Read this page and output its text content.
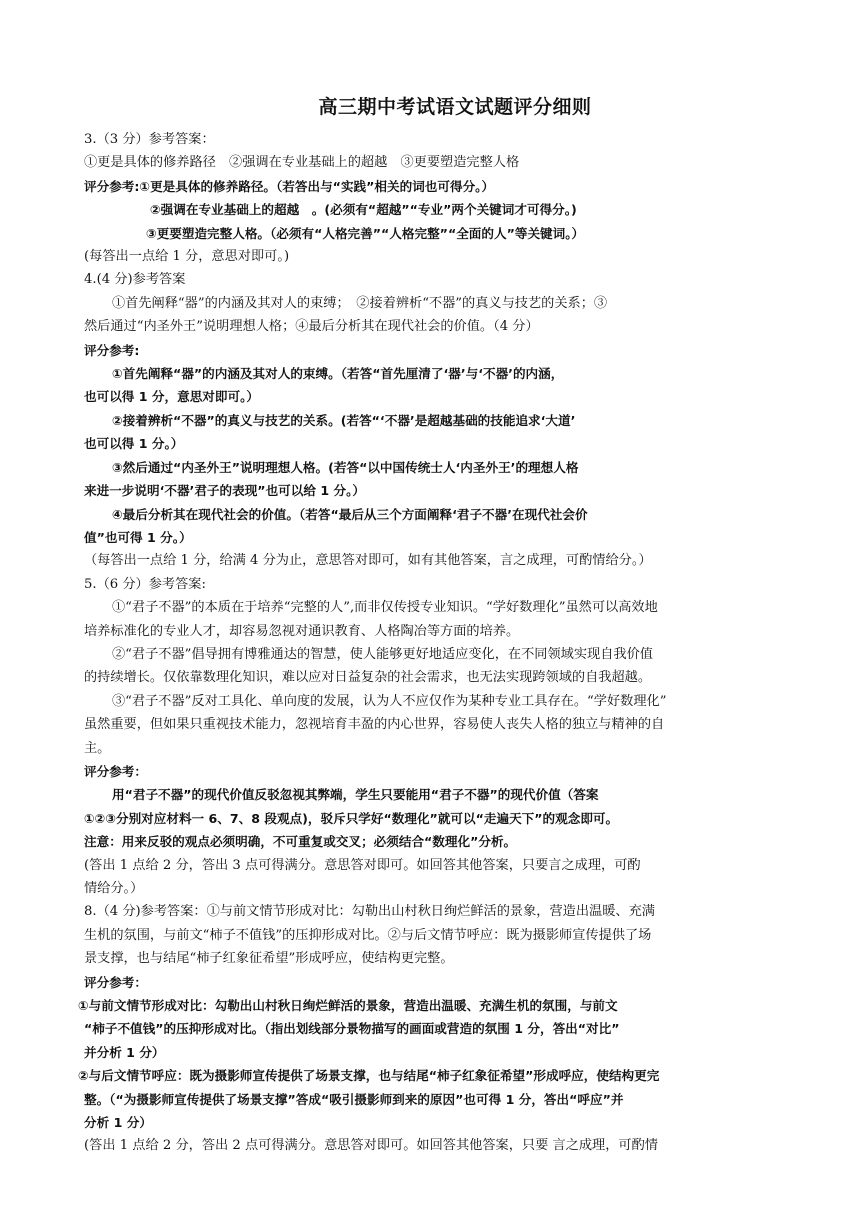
高三期中考试语文试题评分细则
3.（3 分）参考答案：
①更是具体的修养路径　②强调在专业基础上的超越　③更要塑造完整人格
评分参考:①更是具体的修养路径。（若答出与“实践”相关的词也可得分。）
②强调在专业基础上的超越　。(必须有“超越”“专业”两个关键词才可得分。)
③更要塑造完整人格。（必须有“人格完善”“人格完整”“全面的人”等关键词。）
(每答出一点给 1 分，意思对即可。)
4.(4 分)参考答案
①首先阐释“器”的内涵及其对人的束缚；　②接着辨析“不器”的真义与技艺的关系；③
然后通过“内圣外王”说明理想人格；④最后分析其在现代社会的价值。（4 分）
评分参考:
①首先阐释“器”的内涵及其对人的束缚。（若答“首先厘清了‘器’与‘不器’的内涵，
也可以得 1 分，意思对即可。）
②接着辨析“不器”的真义与技艺的关系。(若答“‘不器’是超越基础的技能追求‘大道’
也可以得 1 分。）
③然后通过“内圣外王”说明理想人格。(若答“以中国传统士人‘内圣外王’的理想人格
来进一步说明‘不器’君子的表现”也可以给 1 分。）
④最后分析其在现代社会的价值。（若答“最后从三个方面阐释‘君子不器’在现代社会价
值”也可得 1 分。）
（每答出一点给 1 分，给满 4 分为止，意思答对即可，如有其他答案，言之成理，可酌情给分。）
5.（6 分）参考答案:
①“君子不器”的本质在于培养“完整的人”,而非仅传授专业知识。“学好数理化”虽然可以高效地
培养标准化的专业人才，却容易忽视对通识教育、人格陶冶等方面的培养。
②“君子不器”倡导拥有博雅通达的智慧，使人能够更好地适应变化，在不同领域实现自我价值
的持续增长。仅依靠数理化知识，难以应对日益复杂的社会需求，也无法实现跨领域的自我超越。
③“君子不器”反对工具化、单向度的发展，认为人不应仅作为某种专业工具存在。“学好数理化”
虽然重要，但如果只重视技术能力，忽视培育丰盈的内心世界，容易使人丧失人格的独立与精神的自
主。
评分参考：
用“君子不器”的现代价值反驳忽视其弊端，学生只要能用“君子不器”的现代价值（答案
①②③分别对应材料一 6、7、8 段观点)，驳斥只学好“数理化”就可以“走遍天下”的观念即可。
注意：用来反驳的观点必须明确，不可重复或交叉；必须结合“数理化”分析。
(答出 1 点给 2 分，答出 3 点可得满分。意思答对即可。如回答其他答案，只要言之成理，可酌
情给分。）
8.（4 分)参考答案：①与前文情节形成对比：勾勒出山村秋日绚烂鲜活的景象，营造出温暖、充满
生机的氛围，与前文“柿子不值钱”的压抑形成对比。②与后文情节呼应：既为摄影师宣传提供了场
景支撑，也与结尾“柿子红象征希望”形成呼应，使结构更完整。
评分参考：
①与前文情节形成对比：勾勒出山村秋日绚烂鲜活的景象，营造出温暖、充满生机的氛围，与前文
“柿子不值钱”的压抑形成对比。（指出划线部分景物描写的画面或营造的氛围 1 分，答出“对比”
并分析 1 分）
②与后文情节呼应：既为摄影师宣传提供了场景支撑，也与结尾“柿子红象征希望”形成呼应，使结构更完
整。（“为摄影师宣传提供了场景支撑”答成“吸引摄影师到来的原因”也可得 1 分，答出“呼应”并
分析 1 分）
(答出 1 点给 2 分，答出 2 点可得满分。意思答对即可。如回答其他答案，只要 言之成理，可酌情
